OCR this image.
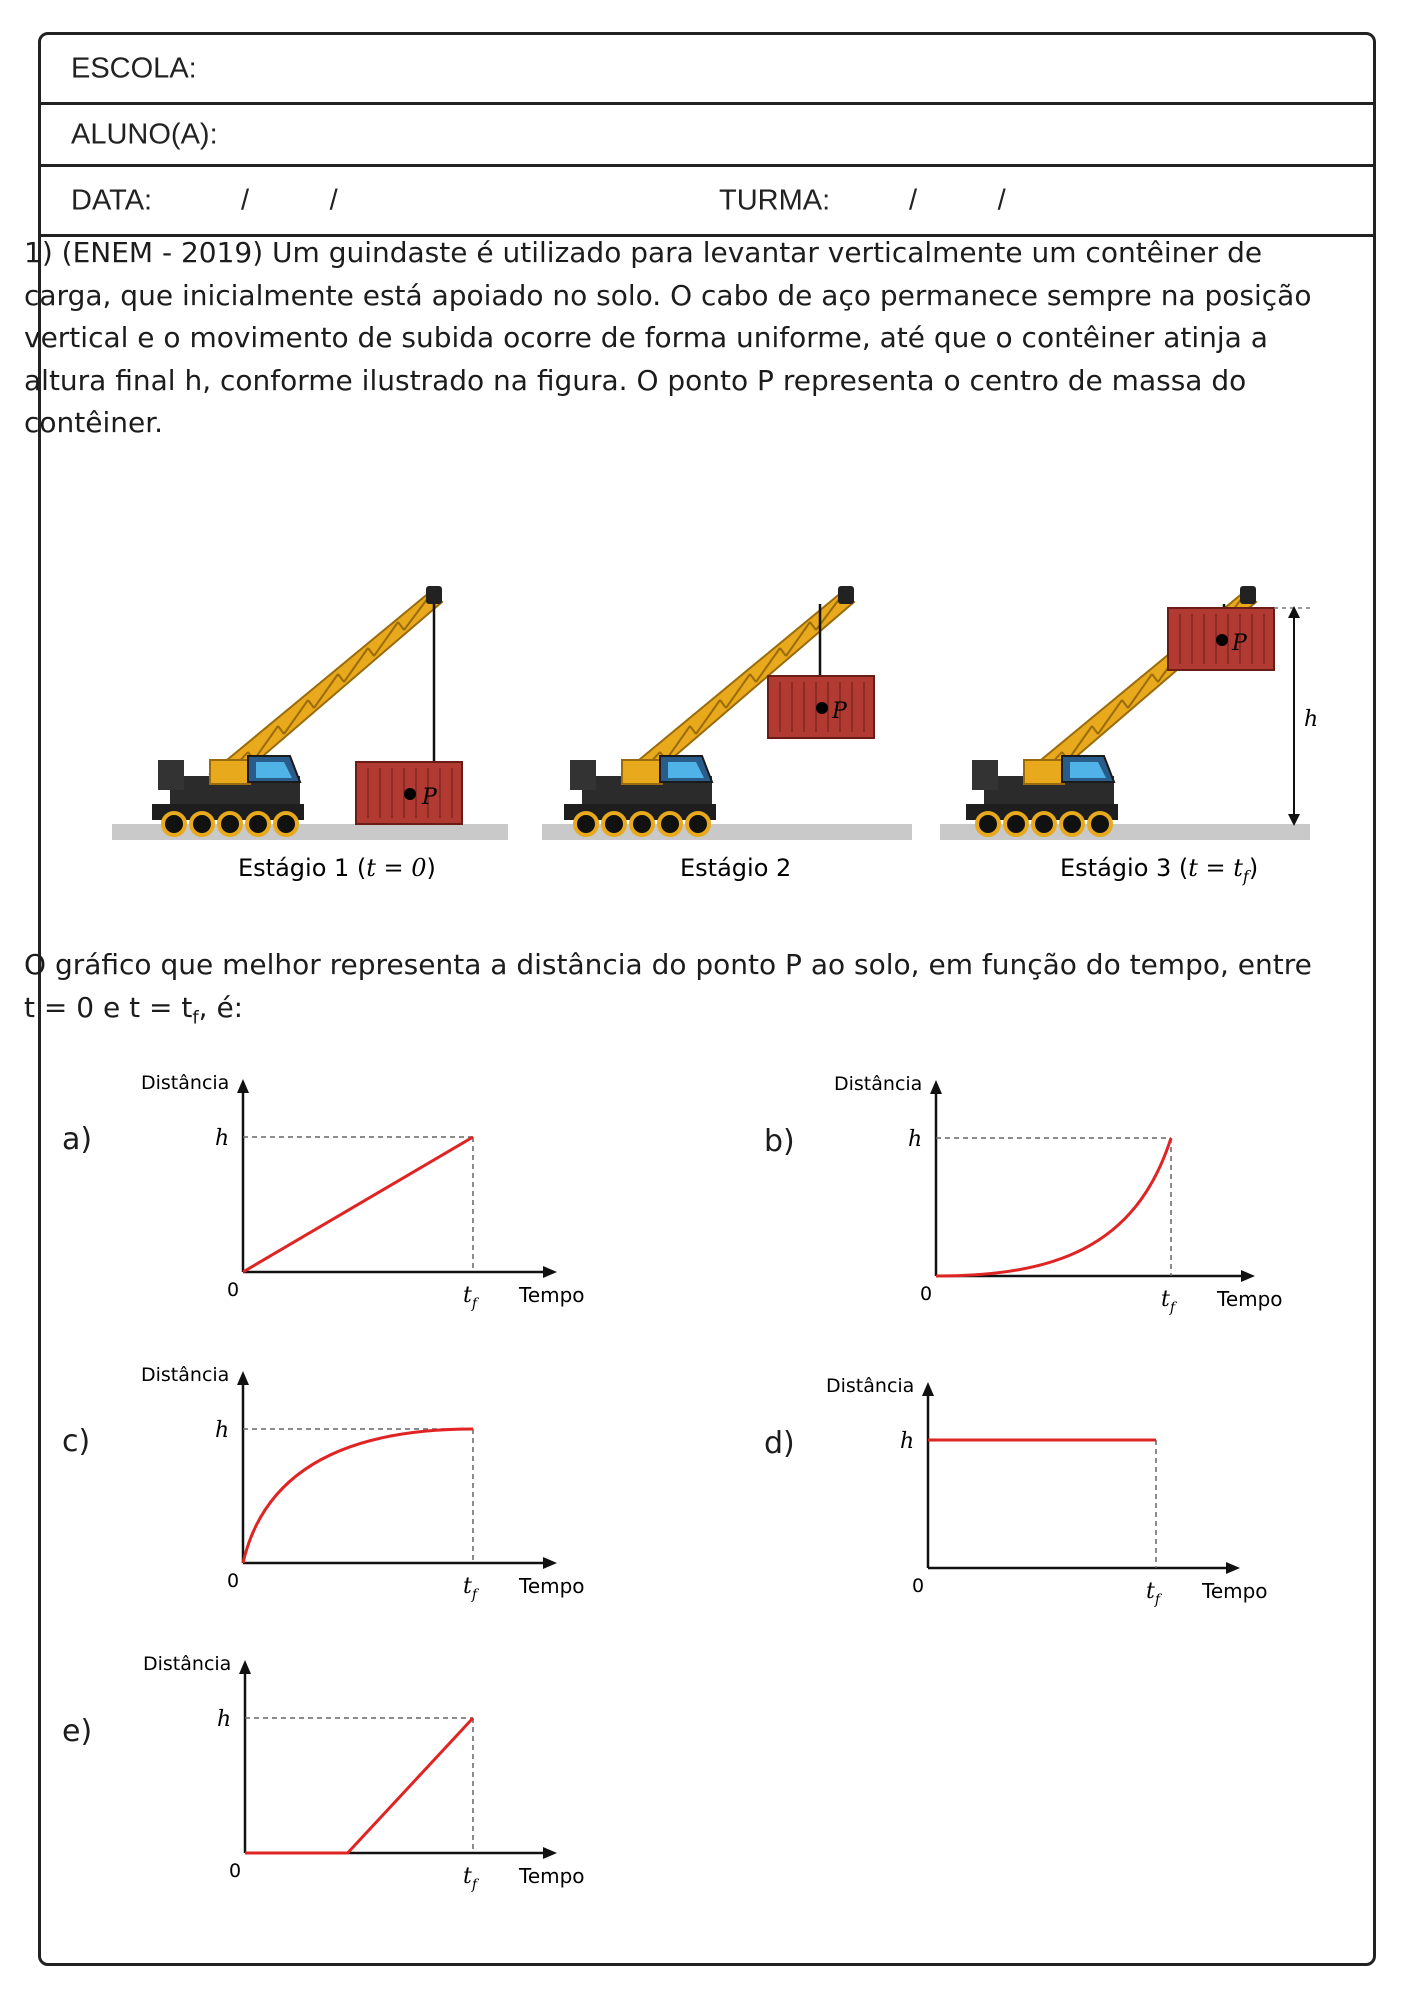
ESCOLA:
ALUNO(A):
DATA:	/          /	TURMA:	/          /

1) (ENEM - 2019) Um guindaste é utilizado para levantar verticalmente um contêiner de carga, que inicialmente está apoiado no solo. O cabo de aço permanece sempre na posição vertical e o movimento de subida ocorre de forma uniforme, até que o contêiner atinja a altura final h, conforme ilustrado na figura. O ponto P representa o centro de massa do contêiner.

P
P
P
h
Estágio 1 (t = 0)	Estágio 2	Estágio 3 $(t = t_f)$

O gráfico que melhor representa a distância do ponto P ao solo, em função do tempo, entre t = 0 e $t = t_f$, é:

a)	b)
c)	d)
e)
Distância
Tempo
h
0	$t_f$
Distância
Tempo
h
0	$t_f$
Distância
Tempo
h
0	$t_f$
Distância
Tempo
h
0	$t_f$
Distância
Tempo
h
0	$t_f$
